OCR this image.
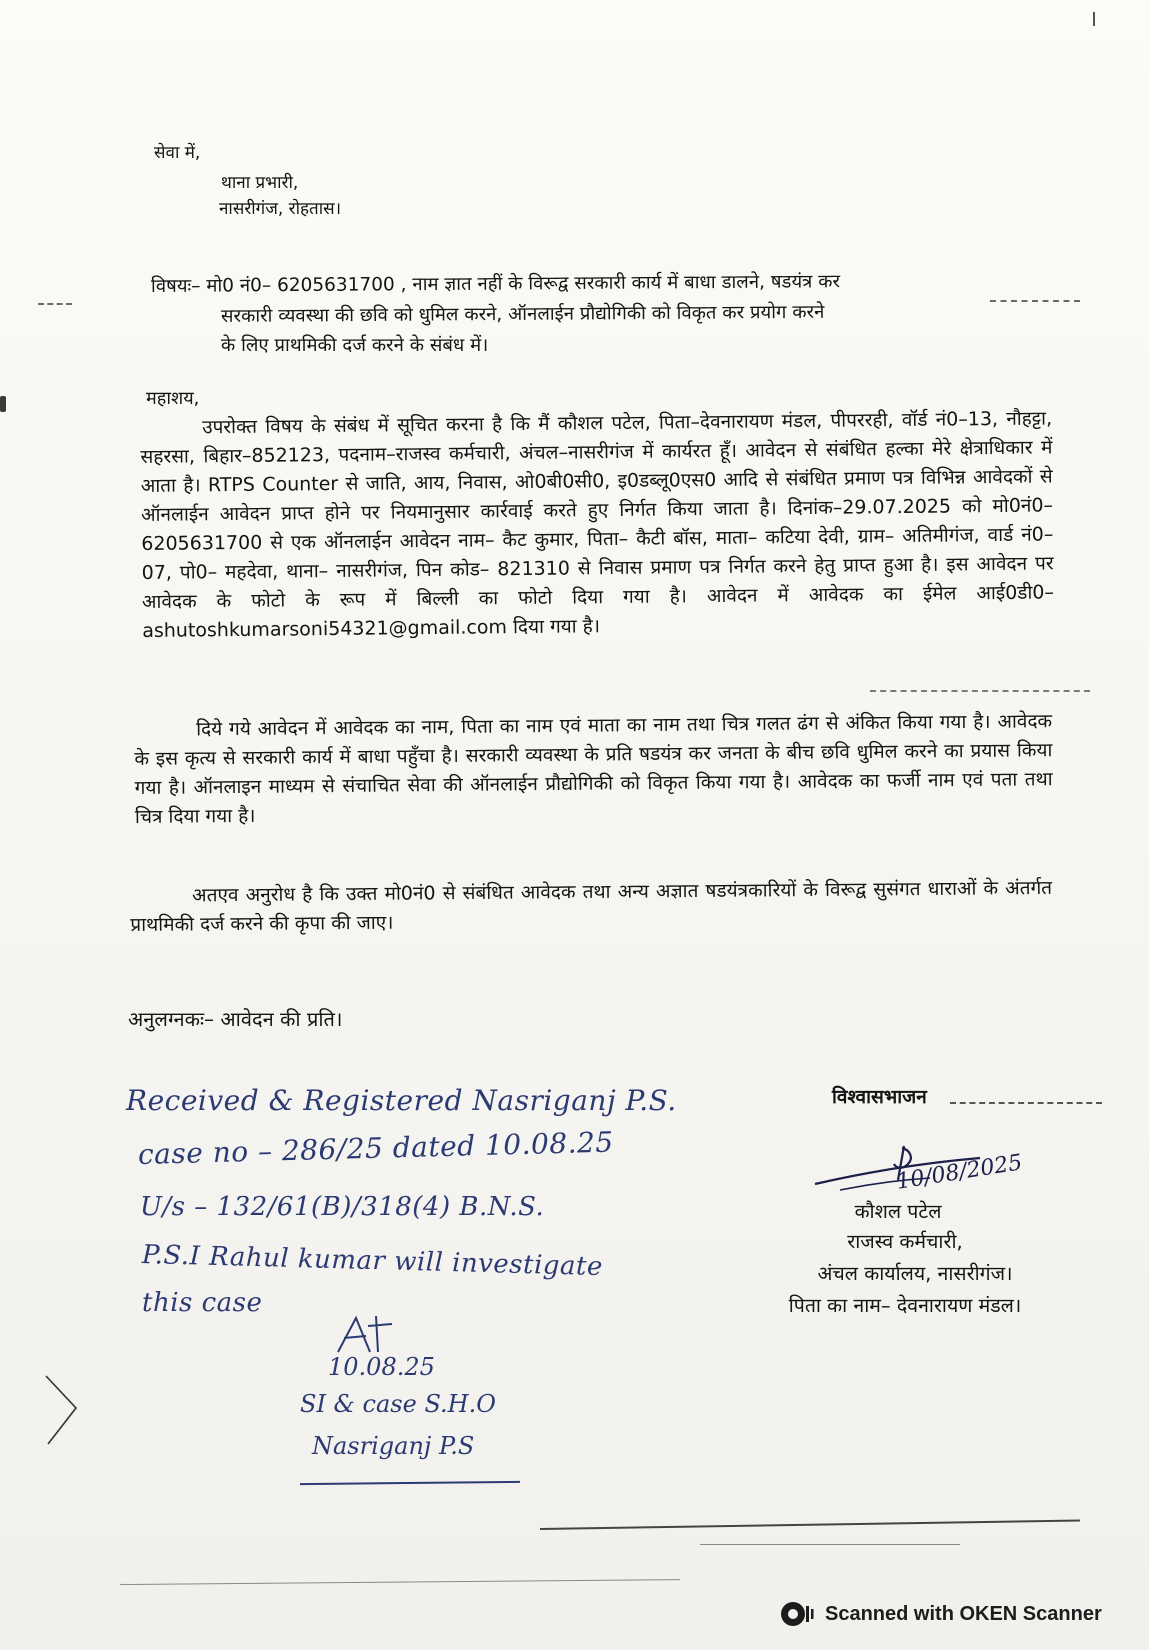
सेवा में,
थाना प्रभारी,
नासरीगंज, रोहतास।
विषयः– मो0 नं0– 6205631700 , नाम ज्ञात नहीं के विरूद्व सरकारी कार्य में बाधा डालने, षडयंत्र कर
सरकारी व्यवस्था की छवि को धुमिल करने, ऑनलाईन प्रौद्योगिकी को विकृत कर प्रयोग करने
के लिए प्राथमिकी दर्ज करने के संबंध में।
महाशय,
उपरोक्त विषय के संबंध में सूचित करना है कि मैं कौशल पटेल, पिता–देवनारायण मंडल, पीपररही, वॉर्ड नं0–13, नौहट्टा, सहरसा, बिहार–852123, पदनाम–राजस्व कर्मचारी, अंचल–नासरीगंज में कार्यरत हूँ। आवेदन से संबंधित हल्का मेरे क्षेत्राधिकार में आता है। RTPS Counter से जाति, आय, निवास, ओ0बी0सी0, इ0डब्लू0एस0 आदि से संबंधित प्रमाण पत्र विभिन्न आवेदकों से ऑनलाईन आवेदन प्राप्त होने पर नियमानुसार कार्रवाई करते हुए निर्गत किया जाता है। दिनांक–29.07.2025 को मो0नं0– 6205631700 से एक ऑनलाईन आवेदन नाम– कैट कुमार, पिता– कैटी बॉस, माता– कटिया देवी, ग्राम– अतिमीगंज, वार्ड नं0– 07, पो0– महदेवा, थाना– नासरीगंज, पिन कोड– 821310 से निवास प्रमाण पत्र निर्गत करने हेतु प्राप्त हुआ है। इस आवेदन पर आवेदक के फोटो के रूप में बिल्ली का फोटो दिया गया है। आवेदन में आवेदक का ईमेल आई0डी0– ashutoshkumarsoni54321@gmail.com दिया गया है।
दिये गये आवेदन में आवेदक का नाम, पिता का नाम एवं माता का नाम तथा चित्र गलत ढंग से अंकित किया गया है। आवेदक के इस कृत्य से सरकारी कार्य में बाधा पहुँचा है। सरकारी व्यवस्था के प्रति षडयंत्र कर जनता के बीच छवि धुमिल करने का प्रयास किया गया है। ऑनलाइन माध्यम से संचाचित सेवा की ऑनलाईन प्रौद्योगिकी को विकृत किया गया है। आवेदक का फर्जी नाम एवं पता तथा चित्र दिया गया है।
अतएव अनुरोध है कि उक्त मो0नं0 से संबंधित आवेदक तथा अन्य अज्ञात षडयंत्रकारियों के विरूद्व सुसंगत धाराओं के अंतर्गत प्राथमिकी दर्ज करने की कृपा की जाए।
अनुलग्नकः– आवेदन की प्रति।
विश्वासभाजन
10/08/2025
कौशल पटेल
राजस्व कर्मचारी,
अंचल कार्यालय, नासरीगंज।
पिता का नाम– देवनारायण मंडल।
Received & Registered Nasriganj P.S.
case no – 286/25 dated 10.08.25
U/s – 132/61(B)/318(4) B.N.S.
P.S.I Rahul kumar will investigate
this case
10.08.25
SI & case S.H.O
Nasriganj P.S
Scanned with OKEN Scanner
